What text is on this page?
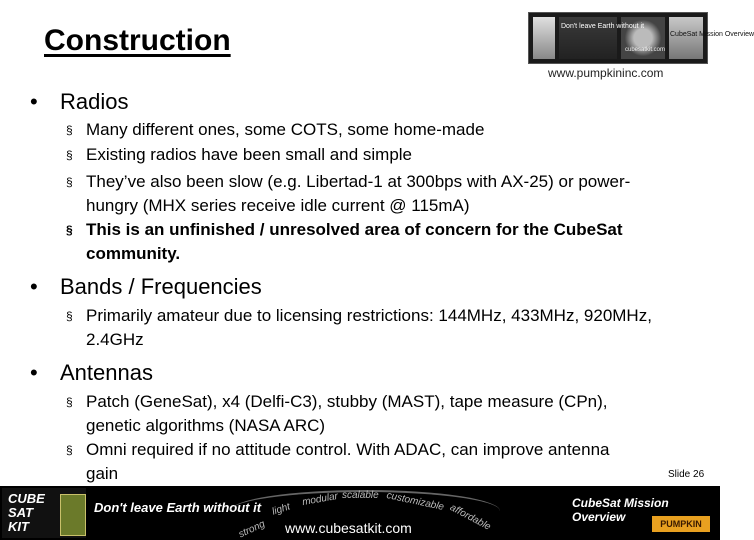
Construction	Don't leave Earth without it
CubeSat Mission Overview
cubesatkit.com
www.pumpkininc.com
•	Radios
§ Many different ones, some COTS, some home-made
§ Existing radios have been small and simple
§ They’ve also been slow (e.g. Libertad-1 at 300bps with AX-25) or power-hungry (MHX series receive idle current @ 115mA)
§ This is an unfinished / unresolved area of concern for the CubeSat community.
•	Bands / Frequencies
§ Primarily amateur due to licensing restrictions: 144MHz, 433MHz, 920MHz, 2.4GHz
•	Antennas
§ Patch (GeneSat), x4 (Delfi-C3), stubby (MAST), tape measure (CPn), genetic algorithms (NASA ARC)
§ Omni required if no attitude control. With ADAC, can improve antenna gain	Slide 26
CUBE
SAT
KIT
Don't leave Earth without it
strong
light
modular scalable customizable
affordable
www.cubesatkit.com
CubeSat Mission Overview	PUMPKIN
